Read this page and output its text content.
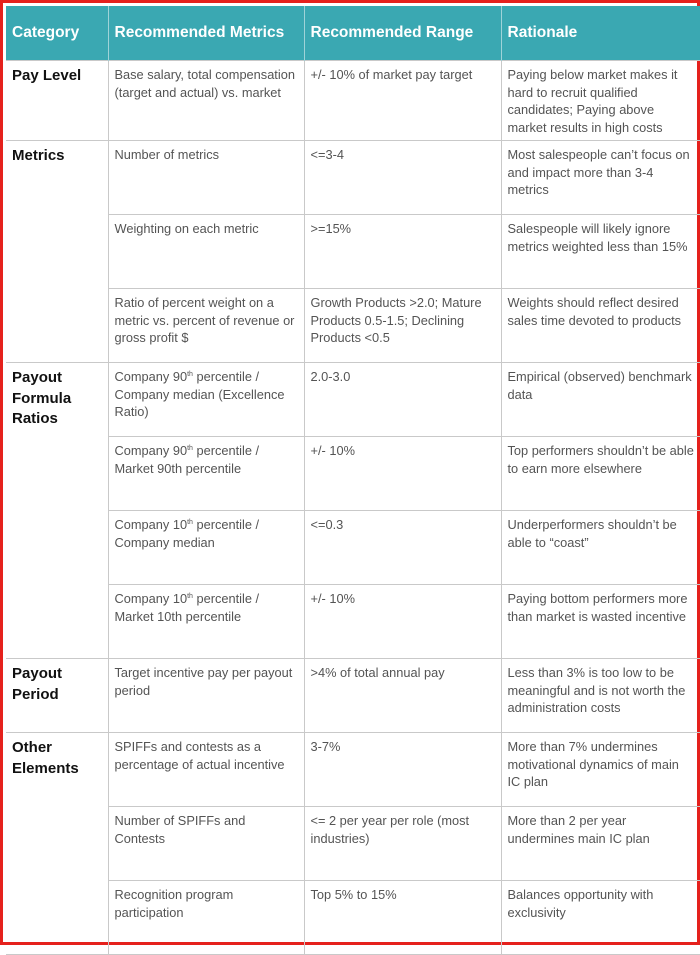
Category	Recommended Metrics	Recommended Range	Rationale
Pay Level	Base salary, total compensation (target and actual) vs. market	+/- 10% of market pay target	Paying below market makes it hard to recruit qualified candidates; Paying above market results in high costs
Metrics	Number of metrics	<=3-4	Most salespeople can’t focus on and impact more than 3-4 metrics
	Weighting on each metric	>=15%	Salespeople will likely ignore metrics weighted less than 15%
	Ratio of percent weight on a metric vs. percent of revenue or gross profit $	Growth Products >2.0; Mature Products 0.5-1.5; Declining Products <0.5	Weights should reflect desired sales time devoted to products
Payout Formula Ratios	Company 90th percentile / Company median (Excellence Ratio)	2.0-3.0	Empirical (observed) benchmark data
	Company 90th percentile / Market 90th percentile	+/- 10%	Top performers shouldn’t be able to earn more elsewhere
	Company 10th percentile / Company median	<=0.3	Underperformers shouldn’t be able to “coast”
	Company 10th percentile / Market 10th percentile	+/- 10%	Paying bottom performers more than market is wasted incentive
Payout Period	Target incentive pay per payout period	>4% of total annual pay	Less than 3% is too low to be meaningful and is not worth the administration costs
Other Elements	SPIFFs and contests as a percentage of actual incentive	3-7%	More than 7% undermines motivational dynamics of main IC plan
	Number of SPIFFs and Contests	<= 2 per year per role (most industries)	More than 2 per year undermines main IC plan
	Recognition program participation	Top 5% to 15%	Balances opportunity with exclusivity
